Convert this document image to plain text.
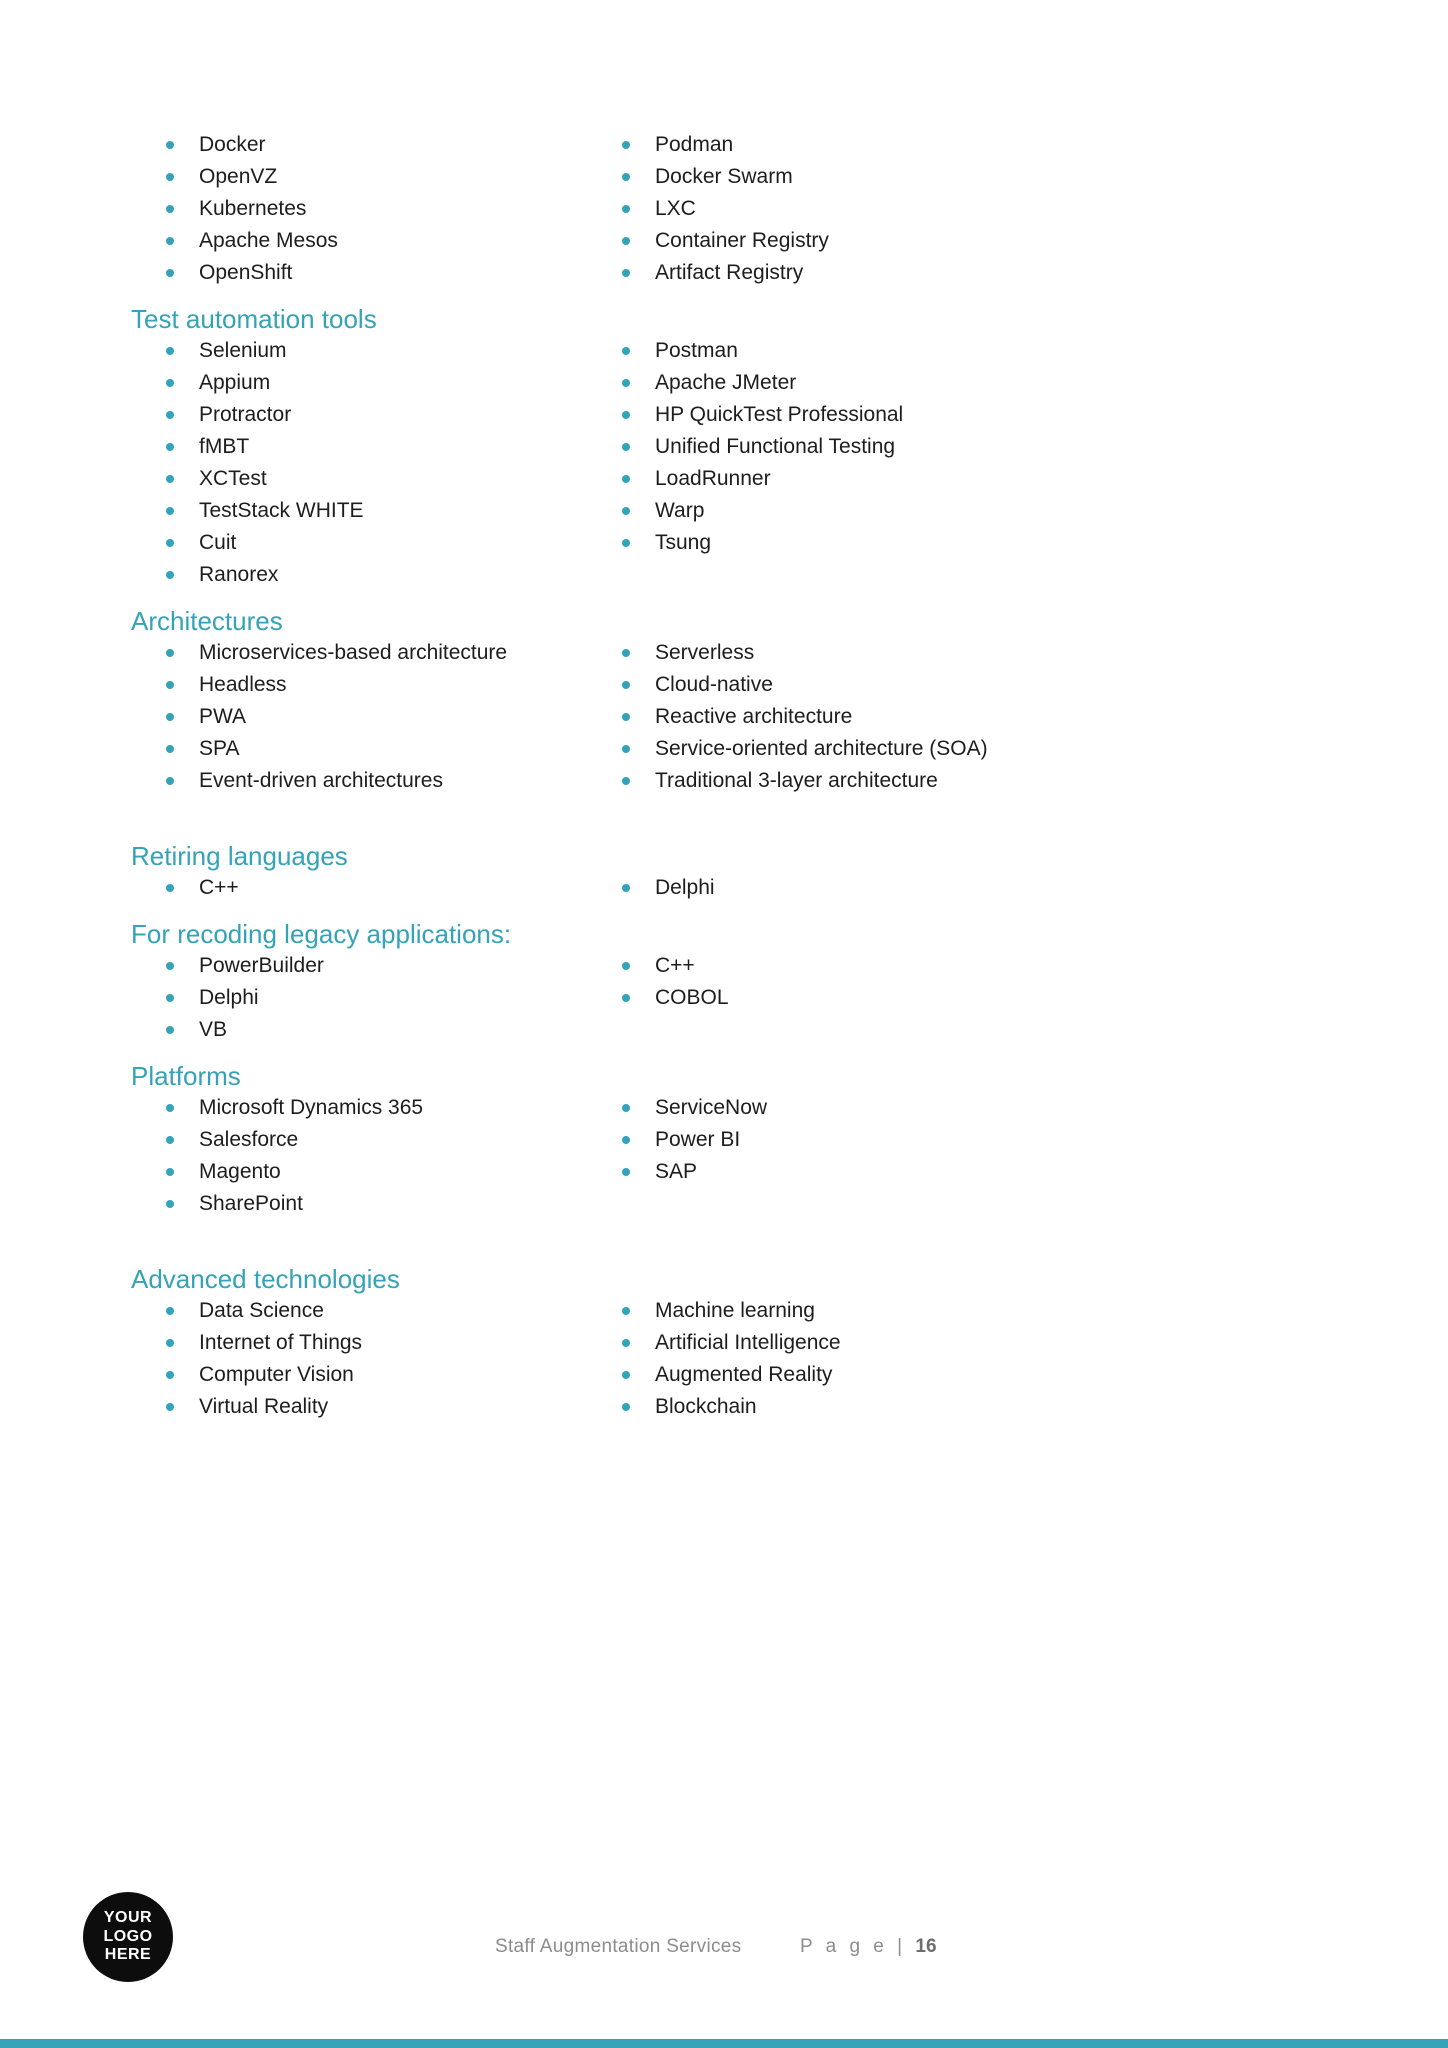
Docker
OpenVZ
Kubernetes
Apache Mesos
OpenShift
Podman
Docker Swarm
LXC
Container Registry
Artifact Registry
Test automation tools
Selenium
Appium
Protractor
fMBT
XCTest
TestStack WHITE
Cuit
Ranorex
Postman
Apache JMeter
HP QuickTest Professional
Unified Functional Testing
LoadRunner
Warp
Tsung
Architectures
Microservices-based architecture
Headless
PWA
SPA
Event-driven architectures
Serverless
Cloud-native
Reactive architecture
Service-oriented architecture (SOA)
Traditional 3-layer architecture
Retiring languages
C++	Delphi
For recoding legacy applications:
PowerBuilder
Delphi
VB
C++
COBOL
Platforms
Microsoft Dynamics 365
Salesforce
Magento
SharePoint
ServiceNow
Power BI
SAP
Advanced technologies
Data Science
Internet of Things
Computer Vision
Virtual Reality
Machine learning
Artificial Intelligence
Augmented Reality
Blockchain
YOUR
LOGO
HERE	Staff Augmentation Services	P a g e | 16
